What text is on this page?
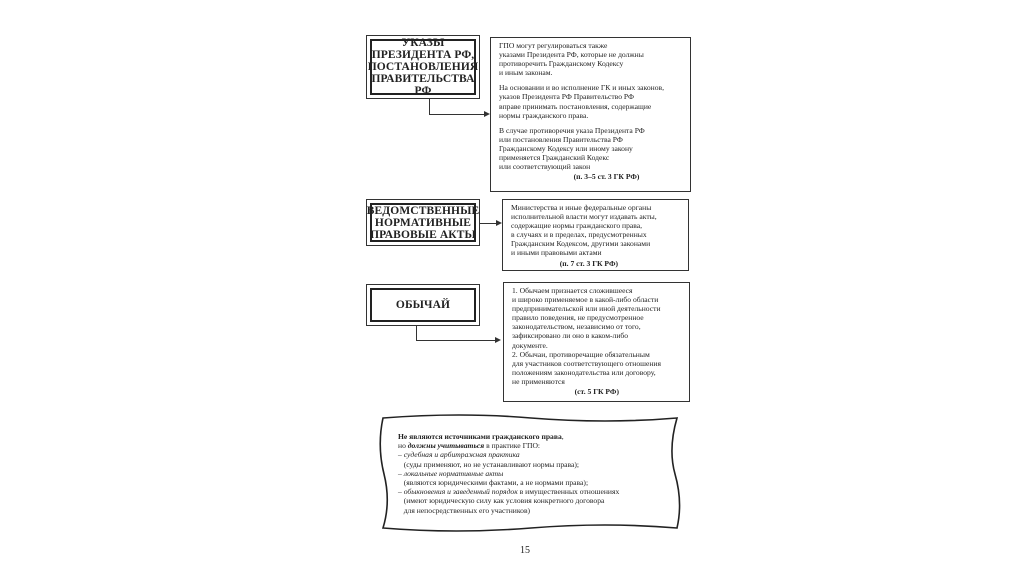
УКАЗЫ
ПРЕЗИДЕНТА РФ,
ПОСТАНОВЛЕНИЯ
ПРАВИТЕЛЬСТВА РФ

ГПО могут регулироваться также
указами Президента РФ, которые не должны
противоречить Гражданскому Кодексу
и иным законам.

На основании и во исполнение ГК и иных законов,
указов Президента РФ Правительство РФ
вправе принимать постановления, содержащие
нормы гражданского права.

В случае противоречия указа Президента РФ
или постановления Правительства РФ
Гражданскому Кодексу или иному закону
применяется Гражданский Кодекс
или соответствующий закон

(п. 3–5 ст. 3 ГК РФ)
ВЕДОМСТВЕННЫЕ
НОРМАТИВНЫЕ
ПРАВОВЫЕ АКТЫ

Министерства и иные федеральные органы
исполнительной власти могут издавать акты,
содержащие нормы гражданского права,
в случаях и в пределах, предусмотренных
Гражданским Кодексом, другими законами
и иными правовыми актами

(п. 7 ст. 3 ГК РФ)
ОБЫЧАЙ
1. Обычаем признается сложившееся
и широко применяемое в какой-либо области
предпринимательской или иной деятельности
правило поведения, не предусмотренное
законодательством, независимо от того,
зафиксировано ли оно в каком-либо
документе.
2. Обычаи, противоречащие обязательным
для участников соответствующего отношения
положениям законодательства или договору,
не применяются
(ст. 5 ГК РФ)
Не являются источниками гражданского права,
но должны учитываться в практике ГПО:
– судебная и арбитражная практика
(суды применяют, но не устанавливают нормы права);
– локальные нормативные акты
(являются юридическими фактами, а не нормами права);
– обыкновения и заведенный порядок в имущественных отношениях
(имеют юридическую силу как условия конкретного договора
для непосредственных его участников)
15
